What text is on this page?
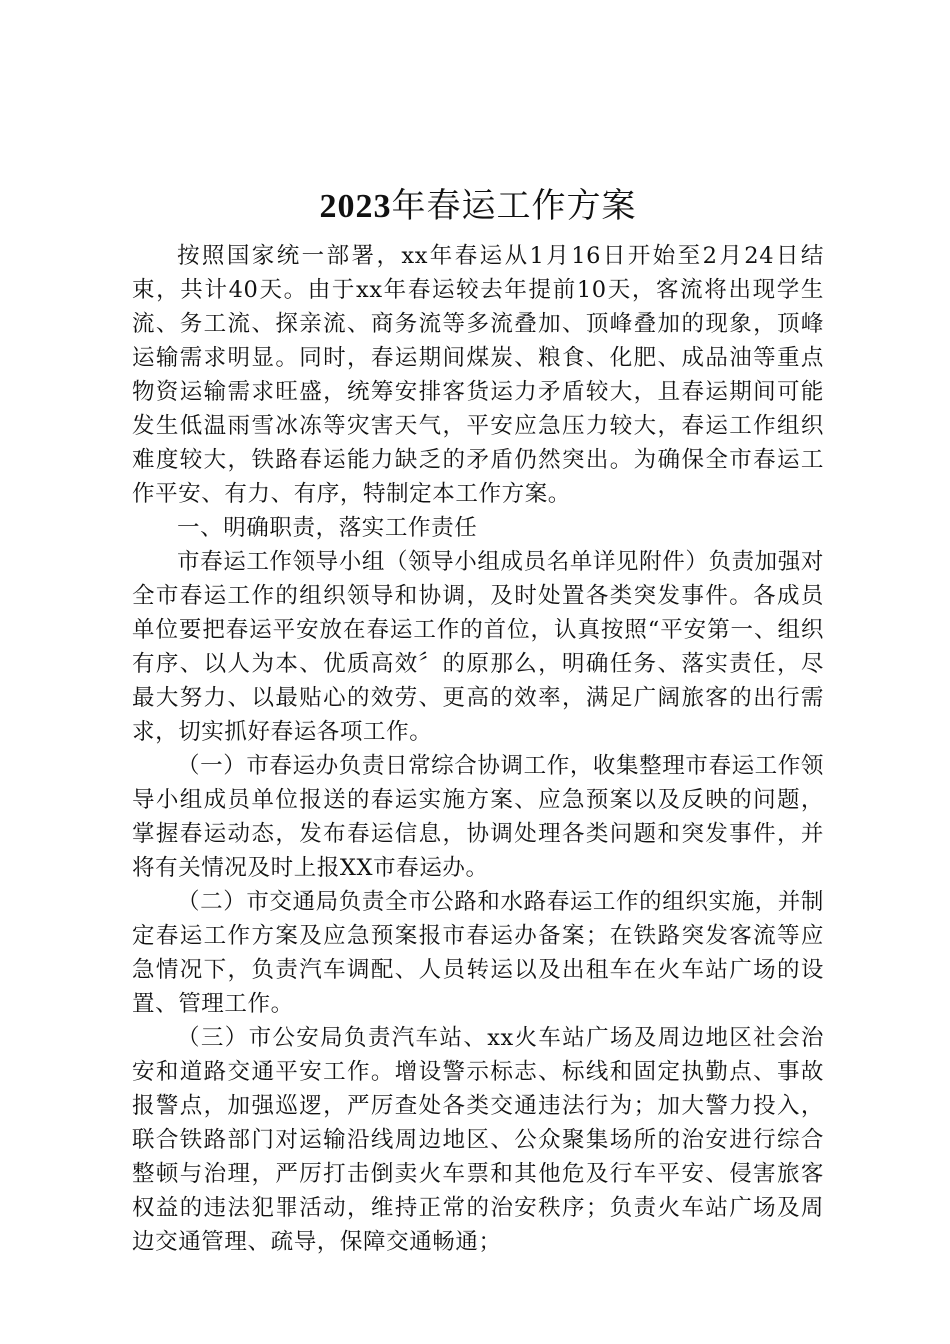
2023年春运工作方案

按照国家统一部署，xx年春运从1月16日开始至2月24日结束，共计40天。由于xx年春运较去年提前10天，客流将出现学生流、务工流、探亲流、商务流等多流叠加、顶峰叠加的现象，顶峰运输需求明显。同时，春运期间煤炭、粮食、化肥、成品油等重点物资运输需求旺盛，统筹安排客货运力矛盾较大，且春运期间可能发生低温雨雪冰冻等灾害天气，平安应急压力较大，春运工作组织难度较大，铁路春运能力缺乏的矛盾仍然突出。为确保全市春运工作平安、有力、有序，特制定本工作方案。

一、明确职责，落实工作责任

市春运工作领导小组（领导小组成员名单详见附件）负责加强对全市春运工作的组织领导和协调，及时处置各类突发事件。各成员单位要把春运平安放在春运工作的首位，认真按照“平安第一、组织有序、以人为本、优质高效〞的原那么，明确任务、落实责任，尽最大努力、以最贴心的效劳、更高的效率，满足广阔旅客的出行需求，切实抓好春运各项工作。

（一）市春运办负责日常综合协调工作，收集整理市春运工作领导小组成员单位报送的春运实施方案、应急预案以及反映的问题，掌握春运动态，发布春运信息，协调处理各类问题和突发事件，并将有关情况及时上报XX市春运办。

（二）市交通局负责全市公路和水路春运工作的组织实施，并制定春运工作方案及应急预案报市春运办备案；在铁路突发客流等应急情况下，负责汽车调配、人员转运以及出租车在火车站广场的设置、管理工作。

（三）市公安局负责汽车站、xx火车站广场及周边地区社会治安和道路交通平安工作。增设警示标志、标线和固定执勤点、事故报警点，加强巡逻，严厉查处各类交通违法行为；加大警力投入，联合铁路部门对运输沿线周边地区、公众聚集场所的治安进行综合整顿与治理，严厉打击倒卖火车票和其他危及行车平安、侵害旅客权益的违法犯罪活动，维持正常的治安秩序；负责火车站广场及周边交通管理、疏导，保障交通畅通；
